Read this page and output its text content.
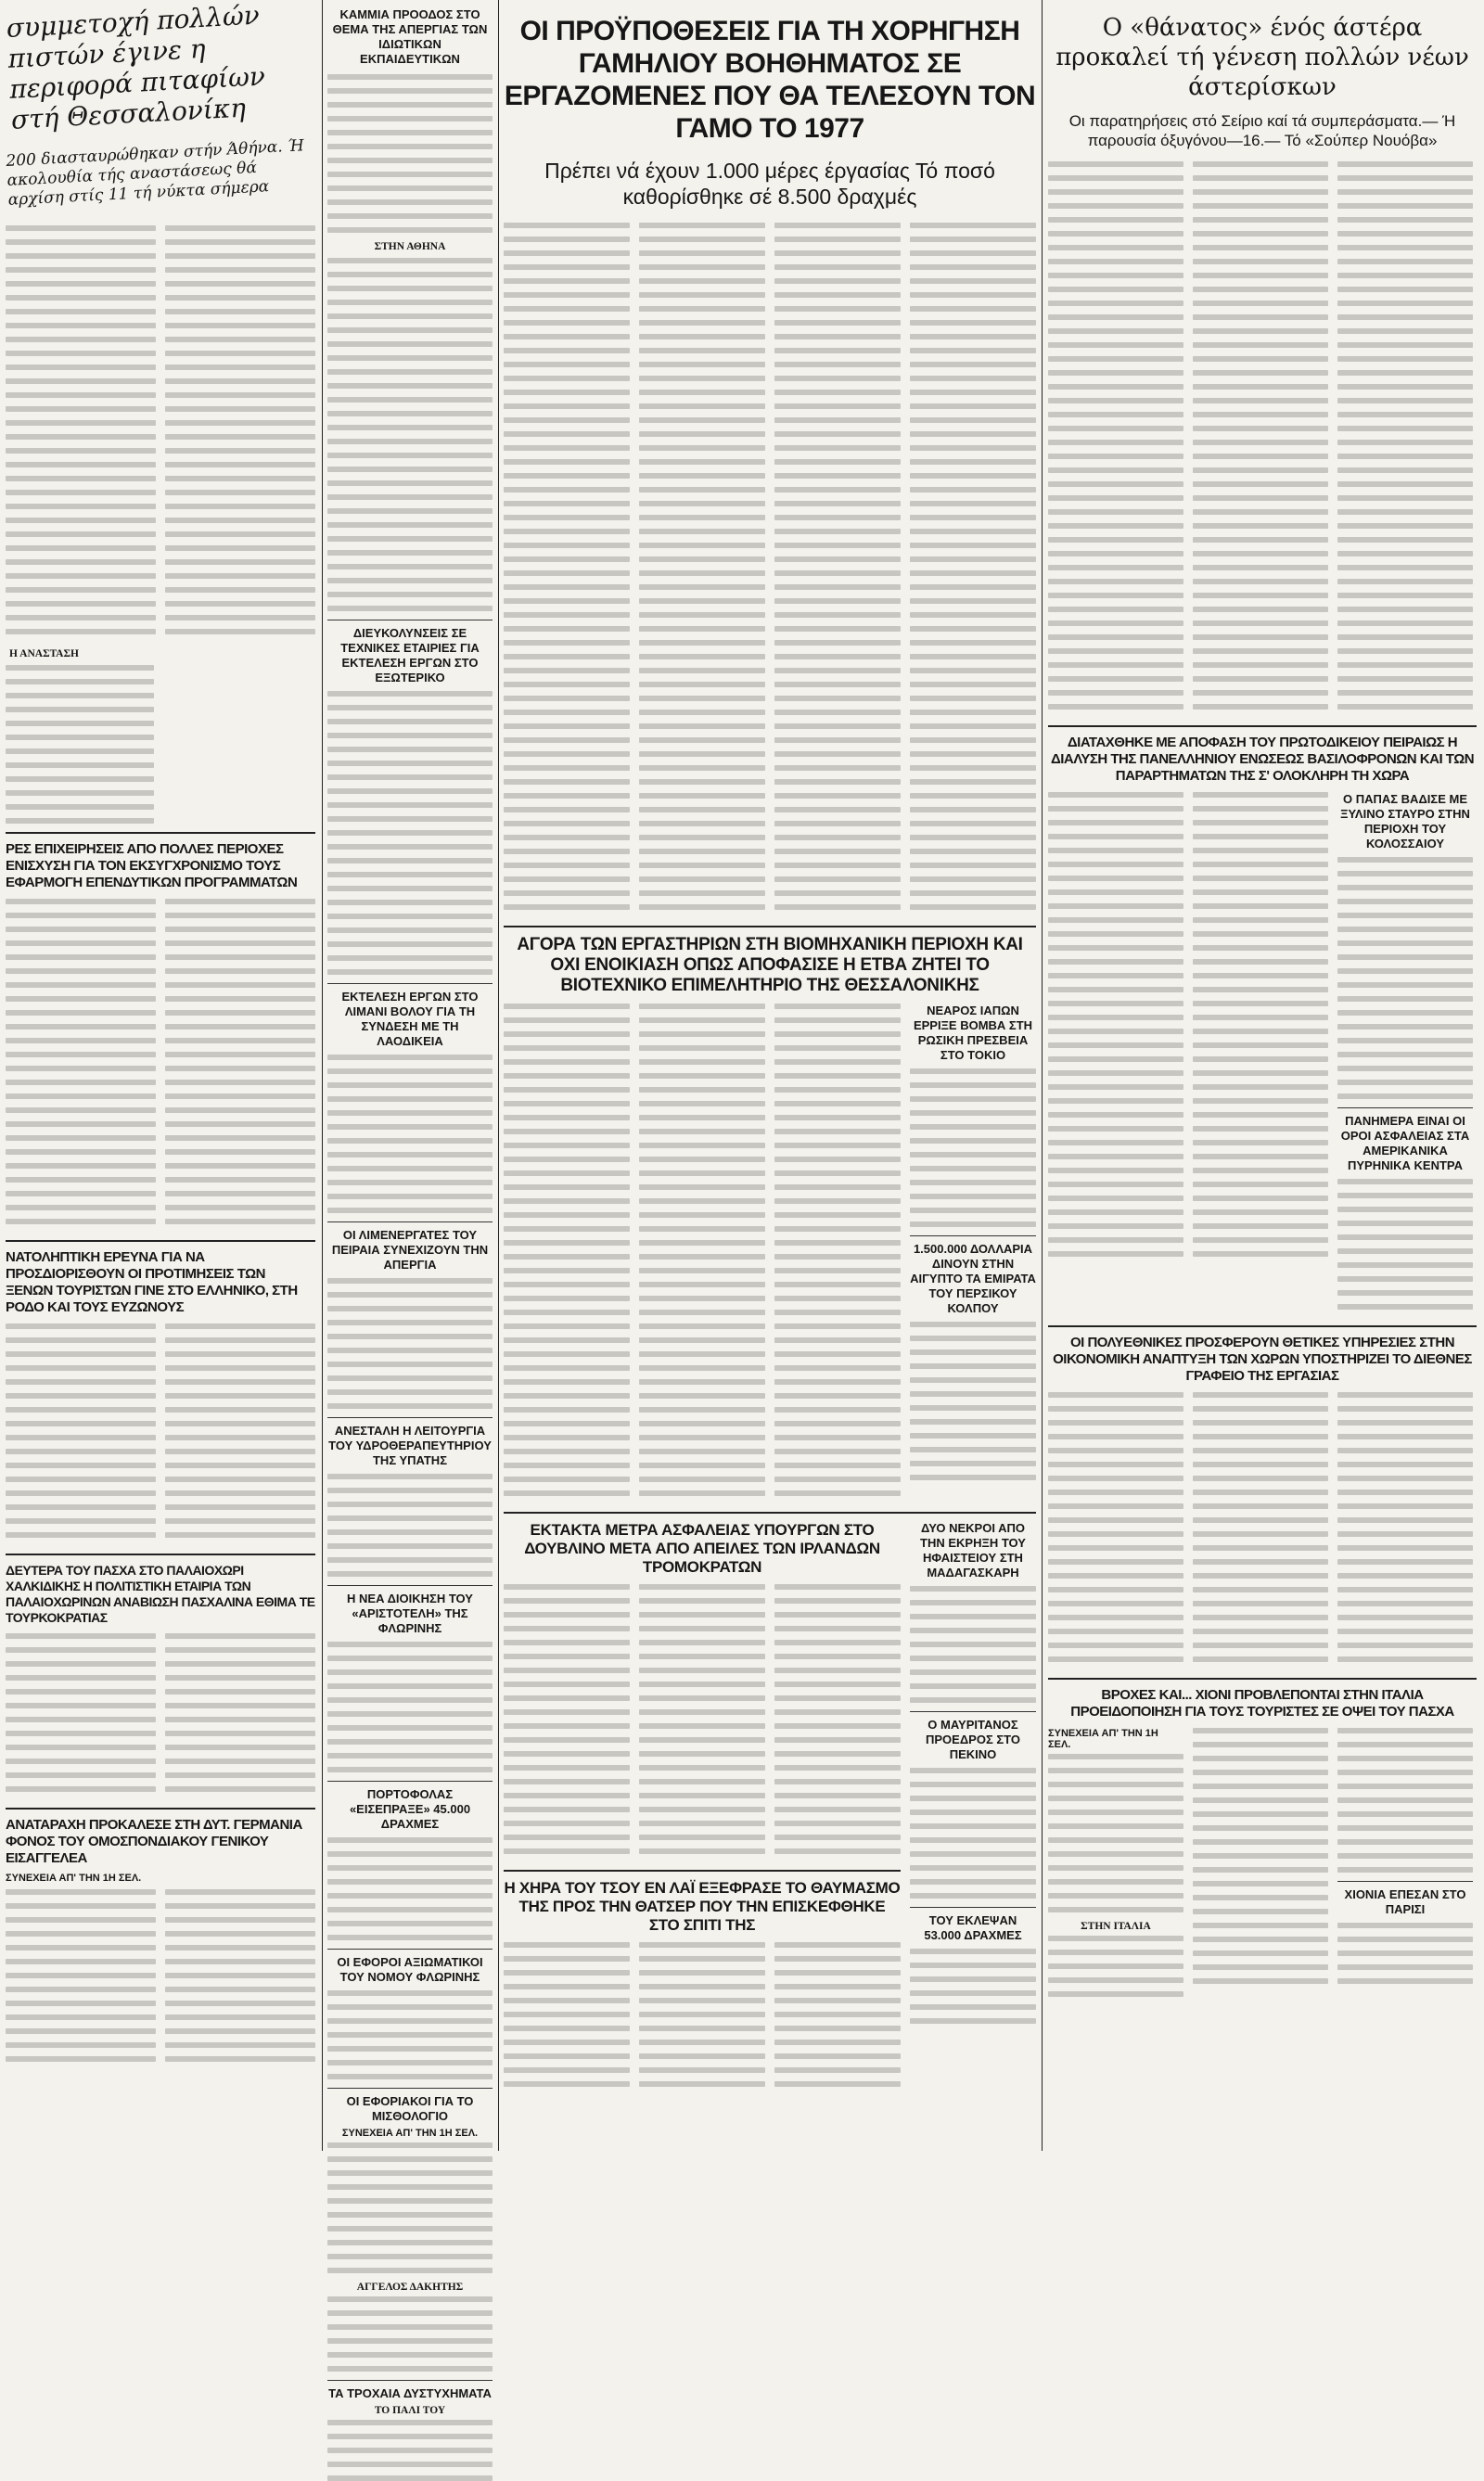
συμμετοχή πολλών πιστών έγινε η περιφορά πιταφίων στή Θεσσαλονίκη
200 διασταυρώθηκαν στήν Άθήνα. Ή ακολουθία τής αναστάσεως θά αρχίση στίς 11 τή νύκτα σήμερα
Η ΑΝΑΣΤΑΣΗ
ΡΕΣ ΕΠΙΧΕΙΡΗΣΕΙΣ ΑΠΟ ΠΟΛΛΕΣ ΠΕΡΙΟΧΕΣ ΕΝΙΣΧΥΣΗ ΓΙΑ ΤΟΝ ΕΚΣΥΓΧΡΟΝΙΣΜΟ ΤΟΥΣ ΕΦΑΡΜΟΓΗ ΕΠΕΝΔΥΤΙΚΩΝ ΠΡΟΓΡΑΜΜΑΤΩΝ
ΝΑΤΟΛΗΠΤΙΚΗ ΕΡΕΥΝΑ ΓΙΑ ΝΑ ΠΡΟΣΔΙΟΡΙΣΘΟΥΝ ΟΙ ΠΡΟΤΙΜΗΣΕΙΣ ΤΩΝ ΞΕΝΩΝ ΤΟΥΡΙΣΤΩΝ ΓΙΝΕ ΣΤΟ ΕΛΛΗΝΙΚΟ, ΣΤΗ ΡΟΔΟ ΚΑΙ ΤΟΥΣ ΕΥΖΩΝΟΥΣ
ΔΕΥΤΕΡΑ ΤΟΥ ΠΑΣΧΑ ΣΤΟ ΠΑΛΑΙΟΧΩΡΙ ΧΑΛΚΙΔΙΚΗΣ Η ΠΟΛΙΤΙΣΤΙΚΗ ΕΤΑΙΡΙΑ ΤΩΝ ΠΑΛΑΙΟΧΩΡΙΝΩΝ ΑΝΑΒΙΩΣΗ ΠΑΣΧΑΛΙΝΑ ΕΘΙΜΑ ΤΕ ΤΟΥΡΚΟΚΡΑΤΙΑΣ
ΑΝΑΤΑΡΑΧΗ ΠΡΟΚΑΛΕΣΕ ΣΤΗ ΔΥΤ. ΓΕΡΜΑΝΙΑ ΦΟΝΟΣ ΤΟΥ ΟΜΟΣΠΟΝΔΙΑΚΟΥ ΓΕΝΙΚΟΥ ΕΙΣΑΓΓΕΛΕΑ
ΣΥΝΕΧΕΙΑ ΑΠ' ΤΗΝ 1Η ΣΕΛ.
ΚΑΜΜΙΑ ΠΡΟΟΔΟΣ ΣΤΟ ΘΕΜΑ ΤΗΣ ΑΠΕΡΓΙΑΣ ΤΩΝ ΙΔΙΩΤΙΚΩΝ ΕΚΠΑΙΔΕΥΤΙΚΩΝ
ΣΤΗΝ ΑΘΗΝΑ
ΔΙΕΥΚΟΛΥΝΣΕΙΣ ΣΕ ΤΕΧΝΙΚΕΣ ΕΤΑΙΡΙΕΣ ΓΙΑ ΕΚΤΕΛΕΣΗ ΕΡΓΩΝ ΣΤΟ ΕΞΩΤΕΡΙΚΟ
ΕΚΤΕΛΕΣΗ ΕΡΓΩΝ ΣΤΟ ΛΙΜΑΝΙ ΒΟΛΟΥ ΓΙΑ ΤΗ ΣΥΝΔΕΣΗ ΜΕ ΤΗ ΛΑΟΔΙΚΕΙΑ
ΟΙ ΛΙΜΕΝΕΡΓΑΤΕΣ ΤΟΥ ΠΕΙΡΑΙΑ ΣΥΝΕΧΙΖΟΥΝ ΤΗΝ ΑΠΕΡΓΙΑ
ΑΝΕΣΤΑΛΗ Η ΛΕΙΤΟΥΡΓΙΑ ΤΟΥ ΥΔΡΟΘΕΡΑΠΕΥΤΗΡΙΟΥ ΤΗΣ ΥΠΑΤΗΣ
Η ΝΕΑ ΔΙΟΙΚΗΣΗ ΤΟΥ «ΑΡΙΣΤΟΤΕΛΗ» ΤΗΣ ΦΛΩΡΙΝΗΣ
ΠΟΡΤΟΦΟΛΑΣ «ΕΙΣΕΠΡΑΞΕ» 45.000 ΔΡΑΧΜΕΣ
ΟΙ ΕΦΟΡΟΙ ΑΞΙΩΜΑΤΙΚΟΙ ΤΟΥ ΝΟΜΟΥ ΦΛΩΡΙΝΗΣ
ΟΙ ΕΦΟΡΙΑΚΟΙ ΓΙΑ ΤΟ ΜΙΣΘΟΛΟΓΙΟ
ΣΥΝΕΧΕΙΑ ΑΠ' ΤΗΝ 1Η ΣΕΛ.
ΑΓΓΕΛΟΣ ΔΑΚΗΤΗΣ
ΤΑ ΤΡΟΧΑΙΑ ΔΥΣΤΥΧΗΜΑΤΑ
ΤΟ ΠΑΛΙ ΤΟΥ
ΟΙ ΠΡΟΫΠΟΘΕΣΕΙΣ ΓΙΑ ΤΗ ΧΟΡΗΓΗΣΗ ΓΑΜΗΛΙΟΥ ΒΟΗΘΗΜΑΤΟΣ ΣΕ ΕΡΓΑΖΟΜΕΝΕΣ ΠΟΥ ΘΑ ΤΕΛΕΣΟΥΝ ΤΟΝ ΓΑΜΟ ΤΟ 1977
Πρέπει νά έχουν 1.000 μέρες έργασίας Τό ποσό καθορίσθηκε σέ 8.500 δραχμές
ΑΓΟΡΑ ΤΩΝ ΕΡΓΑΣΤΗΡΙΩΝ ΣΤΗ ΒΙΟΜΗΧΑΝΙΚΗ ΠΕΡΙΟΧΗ ΚΑΙ ΟΧΙ ΕΝΟΙΚΙΑΣΗ ΟΠΩΣ ΑΠΟΦΑΣΙΣΕ Η ΕΤΒΑ ΖΗΤΕΙ ΤΟ ΒΙΟΤΕΧΝΙΚΟ ΕΠΙΜΕΛΗΤΗΡΙΟ ΤΗΣ ΘΕΣΣΑΛΟΝΙΚΗΣ
ΝΕΑΡΟΣ ΙΑΠΩΝ ΕΡΡΙΞΕ ΒΟΜΒΑ ΣΤΗ ΡΩΣΙΚΗ ΠΡΕΣΒΕΙΑ ΣΤΟ ΤΟΚΙΟ
1.500.000 ΔΟΛΛΑΡΙΑ ΔΙΝΟΥΝ ΣΤΗΝ ΑΙΓΥΠΤΟ ΤΑ ΕΜΙΡΑΤΑ ΤΟΥ ΠΕΡΣΙΚΟΥ ΚΟΛΠΟΥ
ΕΚΤΑΚΤΑ ΜΕΤΡΑ ΑΣΦΑΛΕΙΑΣ ΥΠΟΥΡΓΩΝ ΣΤΟ ΔΟΥΒΛΙΝΟ ΜΕΤΑ ΑΠΟ ΑΠΕΙΛΕΣ ΤΩΝ ΙΡΛΑΝΔΩΝ ΤΡΟΜΟΚΡΑΤΩΝ
Η ΧΗΡΑ ΤΟΥ ΤΣΟΥ ΕΝ ΛΑΪ ΕΞΕΦΡΑΣΕ ΤΟ ΘΑΥΜΑΣΜΟ ΤΗΣ ΠΡΟΣ ΤΗΝ ΘΑΤΣΕΡ ΠΟΥ ΤΗΝ ΕΠΙΣΚΕΦΘΗΚΕ ΣΤΟ ΣΠΙΤΙ ΤΗΣ
ΔΥΟ ΝΕΚΡΟΙ ΑΠΟ ΤΗΝ ΕΚΡΗΞΗ ΤΟΥ ΗΦΑΙΣΤΕΙΟΥ ΣΤΗ ΜΑΔΑΓΑΣΚΑΡΗ
Ο ΜΑΥΡΙΤΑΝΟΣ ΠΡΟΕΔΡΟΣ ΣΤΟ ΠΕΚΙΝΟ
ΤΟΥ ΕΚΛΕΨΑΝ 53.000 ΔΡΑΧΜΕΣ
Ο «θάνατος» ένός άστέρα προκαλεί τή γένεση πολλών νέων άστερίσκων
Οι παρατηρήσεις στό Σείριο καί τά συμπεράσματα.— Ή παρουσία όξυγόνου—16.— Τό «Σούπερ Νουόβα»
ΔΙΑΤΑΧΘΗΚΕ ΜΕ ΑΠΟΦΑΣΗ ΤΟΥ ΠΡΩΤΟΔΙΚΕΙΟΥ ΠΕΙΡΑΙΩΣ Η ΔΙΑΛΥΣΗ ΤΗΣ ΠΑΝΕΛΛΗΝΙΟΥ ΕΝΩΣΕΩΣ ΒΑΣΙΛΟΦΡΟΝΩΝ ΚΑΙ ΤΩΝ ΠΑΡΑΡΤΗΜΑΤΩΝ ΤΗΣ Σ' ΟΛΟΚΛΗΡΗ ΤΗ ΧΩΡΑ
Ο ΠΑΠΑΣ ΒΑΔΙΣΕ ΜΕ ΞΥΛΙΝΟ ΣΤΑΥΡΟ ΣΤΗΝ ΠΕΡΙΟΧΗ ΤΟΥ ΚΟΛΟΣΣΑΙΟΥ
ΠΑΝΗΜΕΡΑ ΕΙΝΑΙ ΟΙ ΟΡΟΙ ΑΣΦΑΛΕΙΑΣ ΣΤΑ ΑΜΕΡΙΚΑΝΙΚΑ ΠΥΡΗΝΙΚΑ ΚΕΝΤΡΑ
ΟΙ ΠΟΛΥΕΘΝΙΚΕΣ ΠΡΟΣΦΕΡΟΥΝ ΘΕΤΙΚΕΣ ΥΠΗΡΕΣΙΕΣ ΣΤΗΝ ΟΙΚΟΝΟΜΙΚΗ ΑΝΑΠΤΥΞΗ ΤΩΝ ΧΩΡΩΝ ΥΠΟΣΤΗΡΙΖΕΙ ΤΟ ΔΙΕΘΝΕΣ ΓΡΑΦΕΙΟ ΤΗΣ ΕΡΓΑΣΙΑΣ
ΒΡΟΧΕΣ ΚΑΙ... ΧΙΟΝΙ ΠΡΟΒΛΕΠΟΝΤΑΙ ΣΤΗΝ ΙΤΑΛΙΑ ΠΡΟΕΙΔΟΠΟΙΗΣΗ ΓΙΑ ΤΟΥΣ ΤΟΥΡΙΣΤΕΣ ΣΕ ΟΨΕΙ ΤΟΥ ΠΑΣΧΑ
ΣΥΝΕΧΕΙΑ ΑΠ' ΤΗΝ 1Η ΣΕΛ.
ΣΤΗΝ ΙΤΑΛΙΑ
ΧΙΟΝΙΑ ΕΠΕΣΑΝ ΣΤΟ ΠΑΡΙΣΙ
